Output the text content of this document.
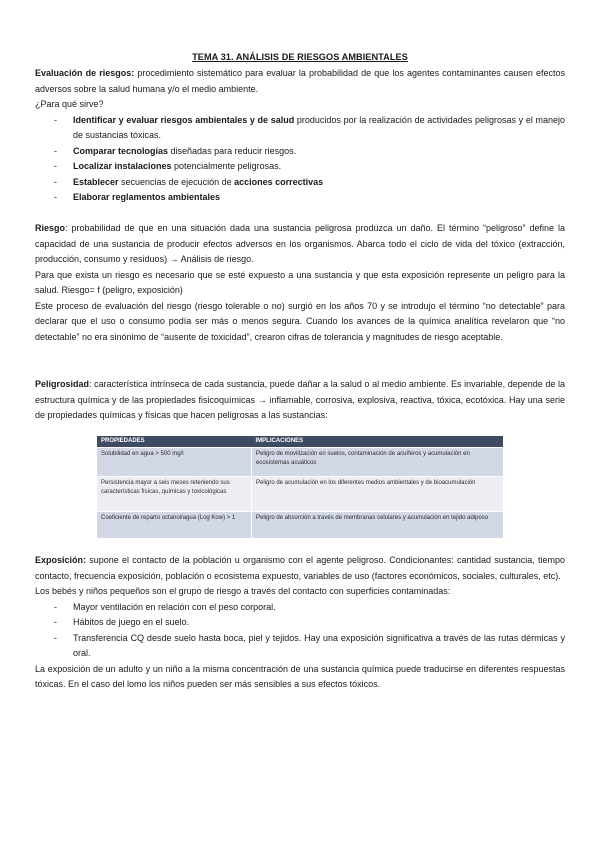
TEMA 31. ANÁLISIS DE RIESGOS AMBIENTALES

Evaluación de riesgos: procedimiento sistemático para evaluar la probabilidad de que los agentes contaminantes causen efectos adversos sobre la salud humana y/o el medio ambiente.

¿Para qué sirve?

- Identificar y evaluar riesgos ambientales y de salud producidos por la realización de actividades peligrosas y el manejo de sustancias tóxicas.
- Comparar tecnologías diseñadas para reducir riesgos.
- Localizar instalaciones potencialmente peligrosas.
- Establecer secuencias de ejecución de acciones correctivas
- Elaborar reglamentos ambientales

Riesgo: probabilidad de que en una situación dada una sustancia peligrosa produzca un daño. El término “peligroso” define la capacidad de una sustancia de producir efectos adversos en los organismos. Abarca todo el ciclo de vida del tóxico (extracción, producción, consumo y residuos) → Análisis de riesgo.

Para que exista un riesgo es necesario que se esté expuesto a una sustancia y que esta exposición represente un peligro para la salud. Riesgo= f (peligro, exposición)

Este proceso de evaluación del riesgo (riesgo tolerable o no) surgió en los años 70 y se introdujo el término “no detectable” para declarar que el uso o consumo podía ser más o menos segura. Cuando los avances de la química analítica revelaron que “no detectable” no era sinónimo de “ausente de toxicidad”, crearon cifras de tolerancia y magnitudes de riesgo aceptable.

Peligrosidad: característica intrínseca de cada sustancia, puede dañar a la salud o al medio ambiente. Es invariable, depende de la estructura química y de las propiedades fisicoquímicas → inflamable, corrosiva, explosiva, reactiva, tóxica, ecotóxica. Hay una serie de propiedades químicas y físicas que hacen peligrosas a las sustancias:

PROPIEDADES	IMPLICACIONES
Solubilidad en agua > 500 mg/l	Peligro de movilización en suelos, contaminación de acuíferos y acumulación en ecosistemas acuáticos
Persistencia mayor a seis meses reteniendo sus características físicas, químicas y toxicológicas	Peligro de acumulación en los diferentes medios ambientales y de bioacumulación
Coeficiente de reparto octanol/agua (Log Kow) > 1	Peligro de absorción a través de membranas celulares y acumulación en tejido adiposo

Exposición: supone el contacto de la población u organismo con el agente peligroso. Condicionantes: cantidad sustancia, tiempo contacto, frecuencia exposición, población o ecosistema expuesto, variables de uso (factores económicos, sociales, culturales, etc).

Los bebés y niños pequeños son el grupo de riesgo a través del contacto con superficies contaminadas:

- Mayor ventilación en relación con el peso corporal.
- Hábitos de juego en el suelo.
- Transferencia CQ desde suelo hasta boca, piel y tejidos. Hay una exposición significativa a través de las rutas dérmicas y oral.

La exposición de un adulto y un niño a la misma concentración de una sustancia química puede traducirse en diferentes respuestas tóxicas. En el caso del lomo los niños pueden ser más sensibles a sus efectos tóxicos.
